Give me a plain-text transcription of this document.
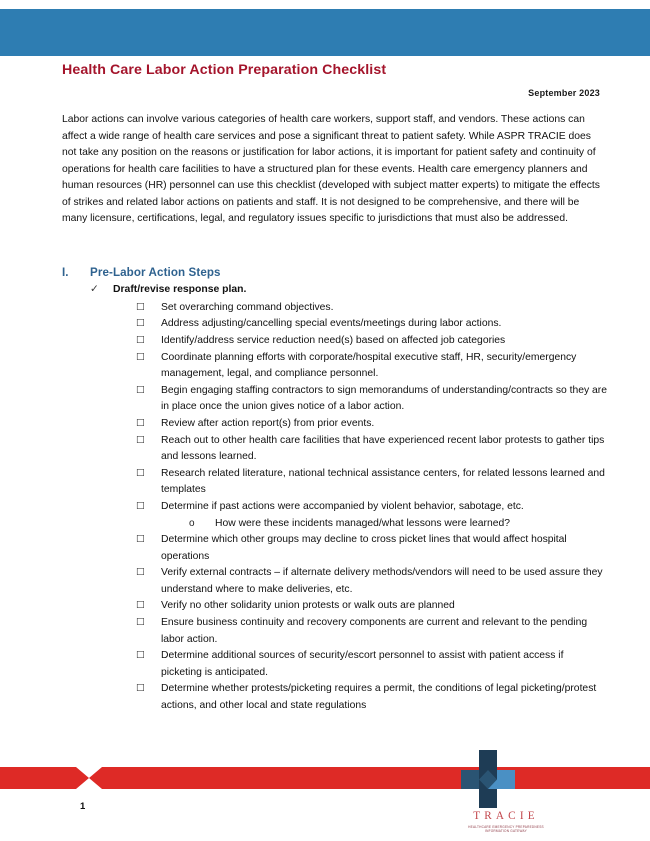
Health Care Labor Action Preparation Checklist
September 2023
Labor actions can involve various categories of health care workers, support staff, and vendors. These actions can affect a wide range of health care services and pose a significant threat to patient safety. While ASPR TRACIE does not take any position on the reasons or justification for labor actions, it is important for patient safety and continuity of operations for health care facilities to have a structured plan for these events. Health care emergency planners and human resources (HR) personnel can use this checklist (developed with subject matter experts) to mitigate the effects of strikes and related labor actions on patients and staff. It is not designed to be comprehensive, and there will be many licensure, certifications, legal, and regulatory issues specific to jurisdictions that must also be addressed.
I.	Pre-Labor Action Steps
✓	Draft/revise response plan.
☐	Set overarching command objectives.
☐	Address adjusting/cancelling special events/meetings during labor actions.
☐	Identify/address service reduction need(s) based on affected job categories
☐	Coordinate planning efforts with corporate/hospital executive staff, HR, security/emergency management, legal, and compliance personnel.
☐	Begin engaging staffing contractors to sign memorandums of understanding/contracts so they are in place once the union gives notice of a labor action.
☐	Review after action report(s) from prior events.
☐	Reach out to other health care facilities that have experienced recent labor protests to gather tips and lessons learned.
☐	Research related literature, national technical assistance centers, for related lessons learned and templates
☐	Determine if past actions were accompanied by violent behavior, sabotage, etc.
o	How were these incidents managed/what lessons were learned?
☐	Determine which other groups may decline to cross picket lines that would affect hospital operations
☐	Verify external contracts – if alternate delivery methods/vendors will need to be used assure they understand where to make deliveries, etc.
☐	Verify no other solidarity union protests or walk outs are planned
☐	Ensure business continuity and recovery components are current and relevant to the pending labor action.
☐	Determine additional sources of security/escort personnel to assist with patient access if picketing is anticipated.
☐	Determine whether protests/picketing requires a permit, the conditions of legal picketing/protest actions, and other local and state regulations
1
TRACIE
HEALTHCARE EMERGENCY PREPAREDNESS
INFORMATION GATEWAY
